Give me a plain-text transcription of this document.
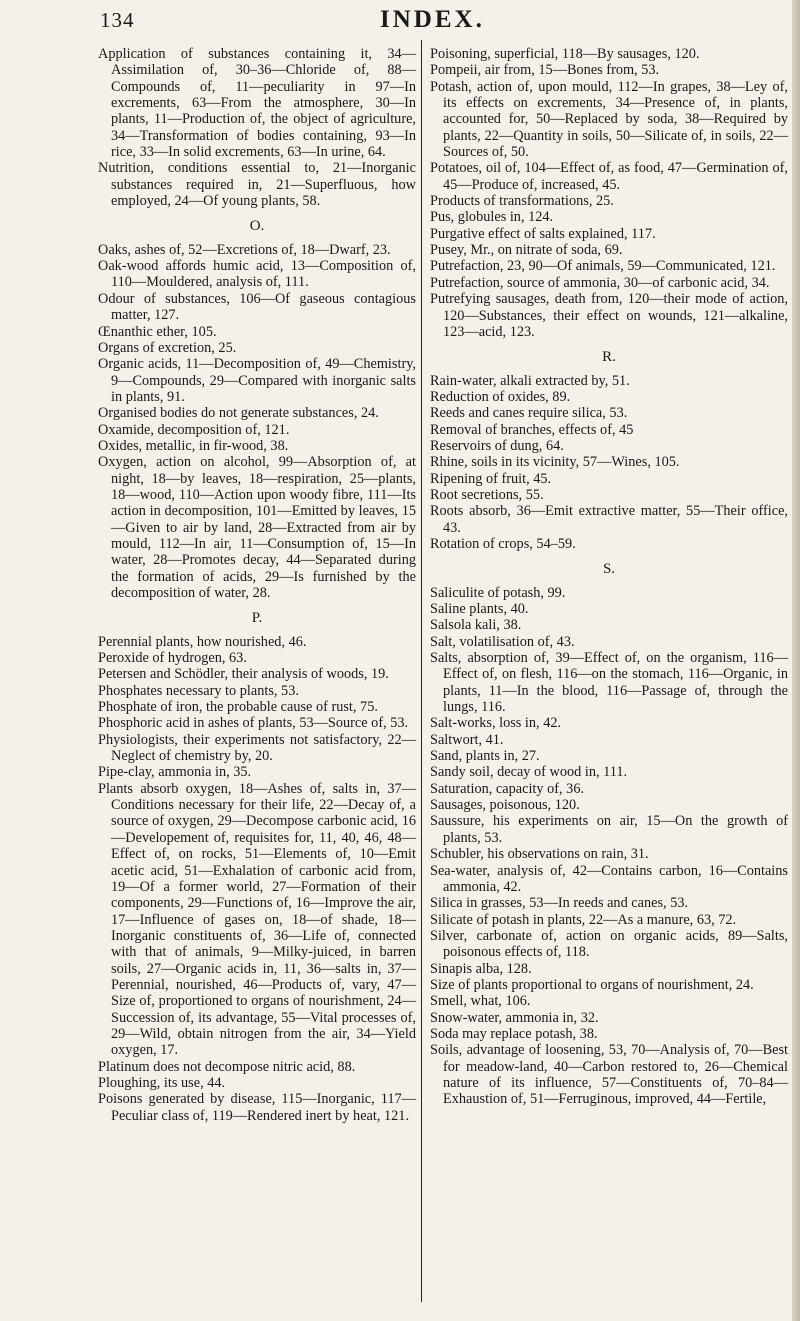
134	INDEX.

Application of substances containing it, 34—Assimilation of, 30–36—Chloride of, 88—Compounds of, 11—peculiarity in 97—In excrements, 63—From the atmosphere, 30—In plants, 11—Production of, the object of agriculture, 34—Transformation of bodies containing, 93—In rice, 33—In solid excrements, 63—In urine, 64.

Nutrition, conditions essential to, 21—Inorganic substances required in, 21—Superfluous, how employed, 24—Of young plants, 58.

O.

Oaks, ashes of, 52—Excretions of, 18—Dwarf, 23.

Oak-wood affords humic acid, 13—Composition of, 110—Mouldered, analysis of, 111.

Odour of substances, 106—Of gaseous contagious matter, 127.

Œnanthic ether, 105.

Organs of excretion, 25.

Organic acids, 11—Decomposition of, 49—Chemistry, 9—Compounds, 29—Compared with inorganic salts in plants, 91.

Organised bodies do not generate substances, 24.

Oxamide, decomposition of, 121.

Oxides, metallic, in fir-wood, 38.

Oxygen, action on alcohol, 99—Absorption of, at night, 18—by leaves, 18—respiration, 25—plants, 18—wood, 110—Action upon woody fibre, 111—Its action in decomposition, 101—Emitted by leaves, 15—Given to air by land, 28—Extracted from air by mould, 112—In air, 11—Consumption of, 15—In water, 28—Promotes decay, 44—Separated during the formation of acids, 29—Is furnished by the decomposition of water, 28.

P.

Perennial plants, how nourished, 46.

Peroxide of hydrogen, 63.

Petersen and Schödler, their analysis of woods, 19.

Phosphates necessary to plants, 53.

Phosphate of iron, the probable cause of rust, 75.

Phosphoric acid in ashes of plants, 53—Source of, 53.

Physiologists, their experiments not satisfactory, 22—Neglect of chemistry by, 20.

Pipe-clay, ammonia in, 35.

Plants absorb oxygen, 18—Ashes of, salts in, 37—Conditions necessary for their life, 22—Decay of, a source of oxygen, 29—Decompose carbonic acid, 16—Developement of, requisites for, 11, 40, 46, 48—Effect of, on rocks, 51—Elements of, 10—Emit acetic acid, 51—Exhalation of carbonic acid from, 19—Of a former world, 27—Formation of their components, 29—Functions of, 16—Improve the air, 17—Influence of gases on, 18—of shade, 18—Inorganic constituents of, 36—Life of, connected with that of animals, 9—Milky-juiced, in barren soils, 27—Organic acids in, 11, 36—salts in, 37—Perennial, nourished, 46—Products of, vary, 47—Size of, proportioned to organs of nourishment, 24—Succession of, its advantage, 55—Vital processes of, 29—Wild, obtain nitrogen from the air, 34—Yield oxygen, 17.

Platinum does not decompose nitric acid, 88.

Ploughing, its use, 44.

Poisons generated by disease, 115—Inorganic, 117—Peculiar class of, 119—Rendered inert by heat, 121.

Poisoning, superficial, 118—By sausages, 120.

Pompeii, air from, 15—Bones from, 53.

Potash, action of, upon mould, 112—In grapes, 38—Ley of, its effects on excrements, 34—Presence of, in plants, accounted for, 50—Replaced by soda, 38—Required by plants, 22—Quantity in soils, 50—Silicate of, in soils, 22—Sources of, 50.

Potatoes, oil of, 104—Effect of, as food, 47—Germination of, 45—Produce of, increased, 45.

Products of transformations, 25.

Pus, globules in, 124.

Purgative effect of salts explained, 117.

Pusey, Mr., on nitrate of soda, 69.

Putrefaction, 23, 90—Of animals, 59—Communicated, 121.

Putrefaction, source of ammonia, 30—of carbonic acid, 34.

Putrefying sausages, death from, 120—their mode of action, 120—Substances, their effect on wounds, 121—alkaline, 123—acid, 123.

R.

Rain-water, alkali extracted by, 51.

Reduction of oxides, 89.

Reeds and canes require silica, 53.

Removal of branches, effects of, 45

Reservoirs of dung, 64.

Rhine, soils in its vicinity, 57—Wines, 105.

Ripening of fruit, 45.

Root secretions, 55.

Roots absorb, 36—Emit extractive matter, 55—Their office, 43.

Rotation of crops, 54–59.

S.

Saliculite of potash, 99.

Saline plants, 40.

Salsola kali, 38.

Salt, volatilisation of, 43.

Salts, absorption of, 39—Effect of, on the organism, 116—Effect of, on flesh, 116—on the stomach, 116—Organic, in plants, 11—In the blood, 116—Passage of, through the lungs, 116.

Salt-works, loss in, 42.

Saltwort, 41.

Sand, plants in, 27.

Sandy soil, decay of wood in, 111.

Saturation, capacity of, 36.

Sausages, poisonous, 120.

Saussure, his experiments on air, 15—On the growth of plants, 53.

Schubler, his observations on rain, 31.

Sea-water, analysis of, 42—Contains carbon, 16—Contains ammonia, 42.

Silica in grasses, 53—In reeds and canes, 53.

Silicate of potash in plants, 22—As a manure, 63, 72.

Silver, carbonate of, action on organic acids, 89—Salts, poisonous effects of, 118.

Sinapis alba, 128.

Size of plants proportional to organs of nourishment, 24.

Smell, what, 106.

Snow-water, ammonia in, 32.

Soda may replace potash, 38.

Soils, advantage of loosening, 53, 70—Analysis of, 70—Best for meadow-land, 40—Carbon restored to, 26—Chemical nature of its influence, 57—Constituents of, 70–84—Exhaustion of, 51—Ferruginous, improved, 44—Fertile,
